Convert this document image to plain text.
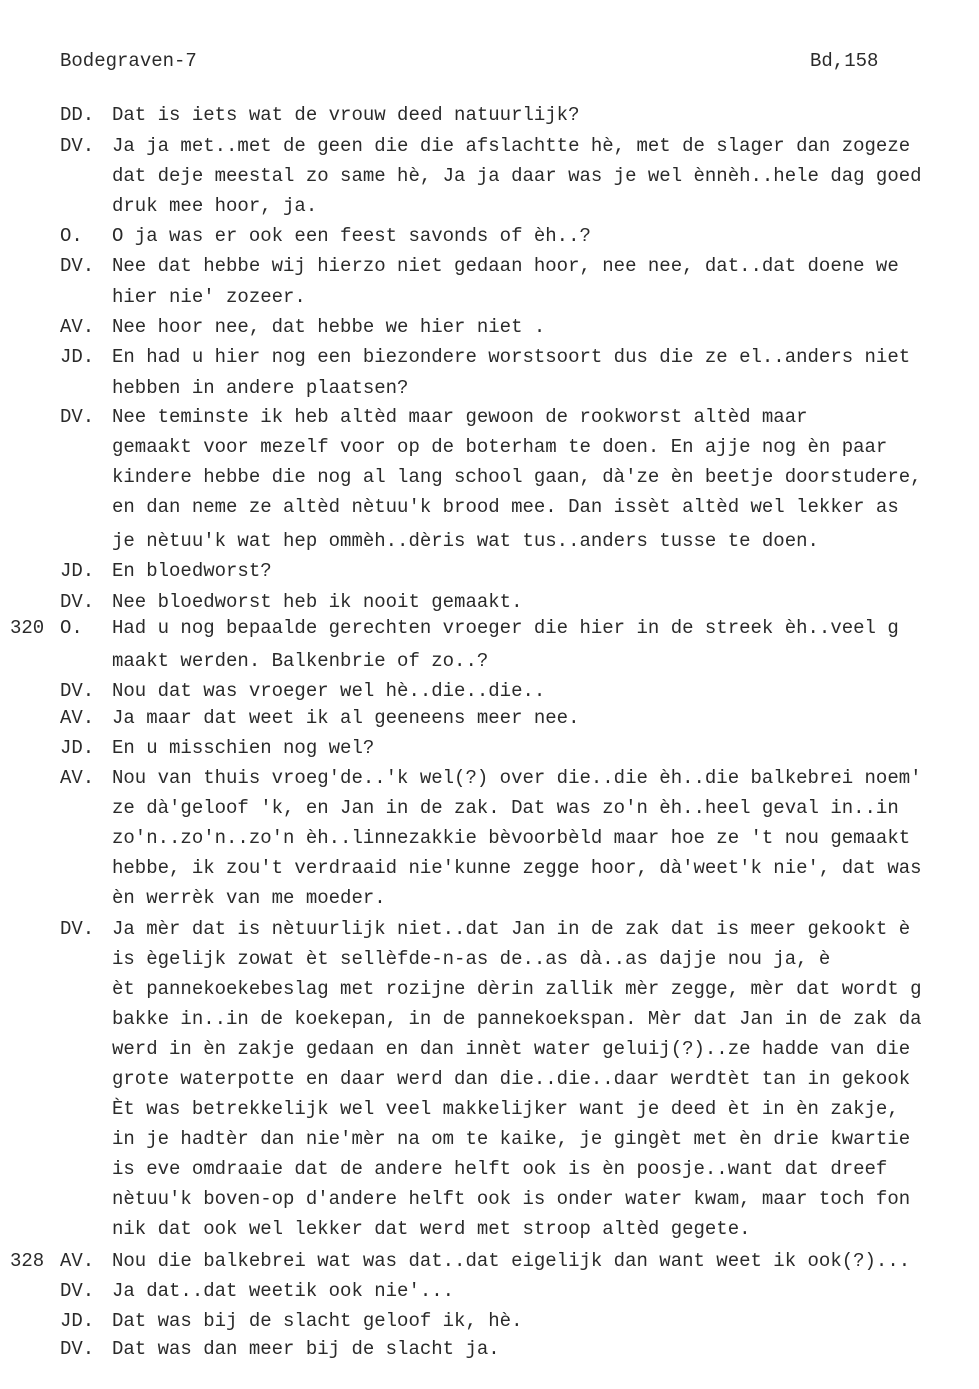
Bodegraven-7	Bd,158
320
328
DD. Dat is iets wat de vrouw deed natuurlijk?
DV. Ja ja met..met de geen die die afslachtte hè, met de slager dan zogeze
dat deje meestal zo same hè, Ja ja daar was je wel ènnèh..hele dag goed
druk mee hoor, ja.
O. O ja was er ook een feest savonds of èh..?
DV. Nee dat hebbe wij hierzo niet gedaan hoor, nee nee, dat..dat doene we
hier nie' zozeer.
AV. Nee hoor nee, dat hebbe we hier niet .
JD. En had u hier nog een biezondere worstsoort dus die ze el..anders niet
hebben in andere plaatsen?
DV. Nee teminste ik heb altèd maar gewoon de rookworst altèd maar
gemaakt voor mezelf voor op de boterham te doen. En ajje nog èn paar
kindere hebbe die nog al lang school gaan, dà'ze èn beetje doorstudere,
en dan neme ze altèd nètuu'k brood mee. Dan issèt altèd wel lekker as
je nètuu'k wat hep ommèh..dèris wat tus..anders tusse te doen.
JD. En bloedworst?
DV. Nee bloedworst heb ik nooit gemaakt.
O. Had u nog bepaalde gerechten vroeger die hier in de streek èh..veel g
maakt werden. Balkenbrie of zo..?
DV. Nou dat was vroeger wel hè..die..die..
AV. Ja maar dat weet ik al geeneens meer nee.
JD. En u misschien nog wel?
AV. Nou van thuis vroeg'de..'k wel(?) over die..die èh..die balkebrei noem'
ze dà'geloof 'k, en Jan in de zak. Dat was zo'n èh..heel geval in..in
zo'n..zo'n..zo'n èh..linnezakkie bèvoorbèld maar hoe ze 't nou gemaakt
hebbe, ik zou't verdraaid nie'kunne zegge hoor, dà'weet'k nie', dat was
èn werrèk van me moeder.
DV. Ja mèr dat is nètuurlijk niet..dat Jan in de zak dat is meer gekookt è
is ègelijk zowat èt sellèfde-n-as de..as dà..as dajje nou ja, è
èt pannekoekebeslag met rozijne dèrin zallik mèr zegge, mèr dat wordt g
bakke in..in de koekepan, in de pannekoekspan. Mèr dat Jan in de zak da
werd in èn zakje gedaan en dan innèt water geluij(?)..ze hadde van die
grote waterpotte en daar werd dan die..die..daar werdtèt tan in gekook
Èt was betrekkelijk wel veel makkelijker want je deed èt in èn zakje,
in je hadtèr dan nie'mèr na om te kaike, je gingèt met èn drie kwartie
is eve omdraaie dat de andere helft ook is èn poosje..want dat dreef
nètuu'k boven-op d'andere helft ook is onder water kwam, maar toch fon
nik dat ook wel lekker dat werd met stroop altèd gegete.
AV. Nou die balkebrei wat was dat..dat eigelijk dan want weet ik ook(?)...
DV. Ja dat..dat weetik ook nie'...
JD. Dat was bij de slacht geloof ik, hè.
DV. Dat was dan meer bij de slacht ja.
